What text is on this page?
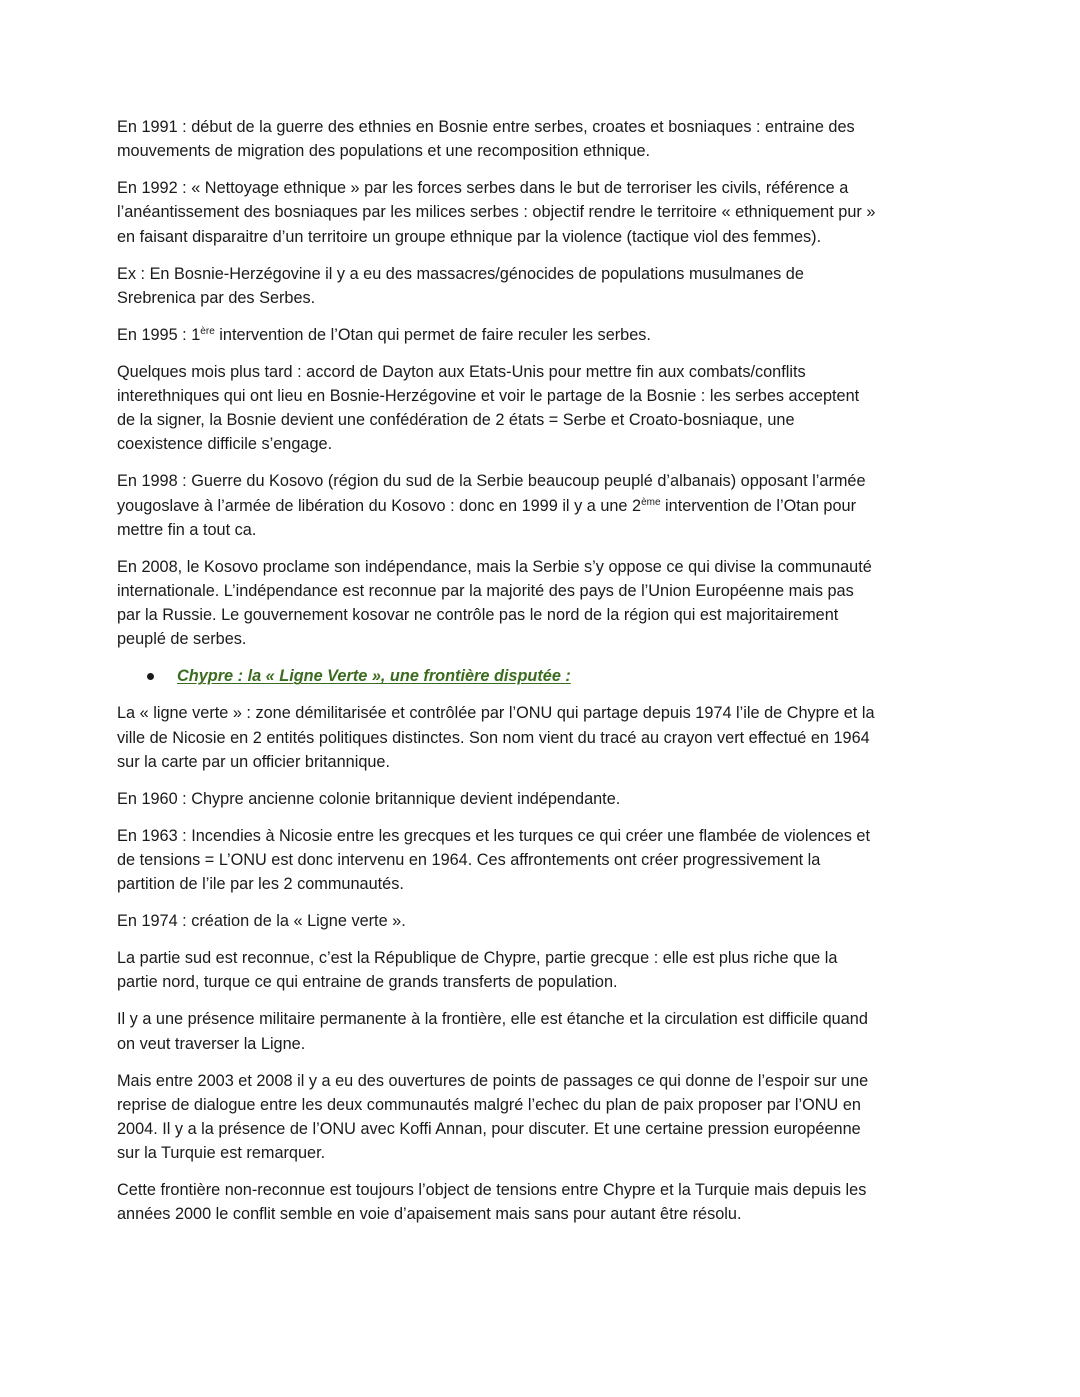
En 1991 : début de la guerre des ethnies en Bosnie entre serbes, croates et bosniaques : entraine des mouvements de migration des populations et une recomposition ethnique.

En 1992 : « Nettoyage ethnique » par les forces serbes dans le but de terroriser les civils, référence a l’anéantissement des bosniaques par les milices serbes : objectif rendre le territoire « ethniquement pur » en faisant disparaitre d’un territoire un groupe ethnique par la violence (tactique viol des femmes).

Ex : En Bosnie-Herzégovine il y a eu des massacres/génocides de populations musulmanes de Srebrenica par des Serbes.

En 1995 : 1ère intervention de l’Otan qui permet de faire reculer les serbes.

Quelques mois plus tard : accord de Dayton aux Etats-Unis pour mettre fin aux combats/conflits interethniques qui ont lieu en Bosnie-Herzégovine et voir le partage de la Bosnie : les serbes acceptent de la signer, la Bosnie devient une confédération de 2 états = Serbe et Croato-bosniaque, une coexistence difficile s’engage.

En 1998 : Guerre du Kosovo (région du sud de la Serbie beaucoup peuplé d’albanais) opposant l’armée yougoslave à l’armée de libération du Kosovo : donc en 1999 il y a une 2ème intervention de l’Otan pour mettre fin a tout ca.

En 2008, le Kosovo proclame son indépendance, mais la Serbie s’y oppose ce qui divise la communauté internationale. L’indépendance est reconnue par la majorité des pays de l’Union Européenne mais pas par la Russie. Le gouvernement kosovar ne contrôle pas le nord de la région qui est majoritairement peuplé de serbes.

Chypre : la « Ligne Verte », une frontière disputée :

La « ligne verte » : zone démilitarisée et contrôlée par l’ONU qui partage depuis 1974 l’ile de Chypre et la ville de Nicosie en 2 entités politiques distinctes. Son nom vient du tracé au crayon vert effectué en 1964 sur la carte par un officier britannique.

En 1960 : Chypre ancienne colonie britannique devient indépendante.

En 1963 : Incendies à Nicosie entre les grecques et les turques ce qui créer une flambée de violences et de tensions = L’ONU est donc intervenu en 1964. Ces affrontements ont créer progressivement la partition de l’ile par les 2 communautés.

En 1974 : création de la « Ligne verte ».

La partie sud est reconnue, c’est la République de Chypre, partie grecque : elle est plus riche que la partie nord, turque ce qui entraine de grands transferts de population.

Il y a une présence militaire permanente à la frontière, elle est étanche et la circulation est difficile quand on veut traverser la Ligne.

Mais entre 2003 et 2008 il y a eu des ouvertures de points de passages ce qui donne de l’espoir sur une reprise de dialogue entre les deux communautés malgré l’echec du plan de paix proposer par l’ONU en 2004. Il y a la présence de l’ONU avec Koffi Annan, pour discuter. Et une certaine pression européenne sur la Turquie est remarquer.

Cette frontière non-reconnue est toujours l’object de tensions entre Chypre et la Turquie mais depuis les années 2000 le conflit semble en voie d’apaisement mais sans pour autant être résolu.
